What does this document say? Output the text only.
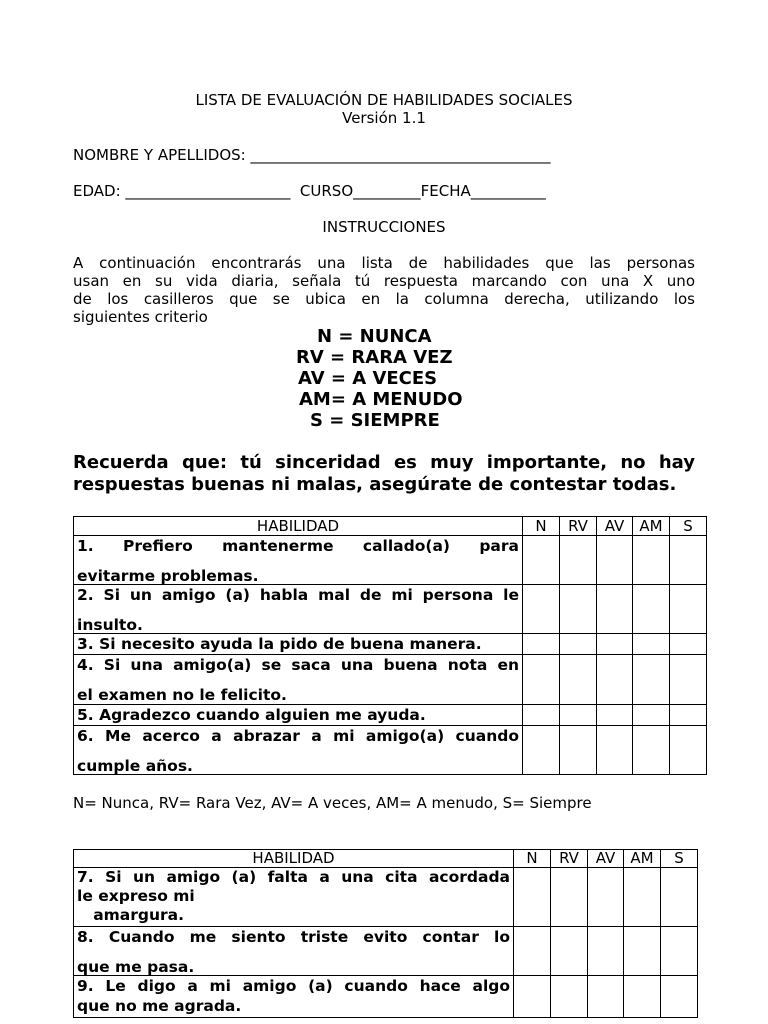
LISTA DE EVALUACIÓN DE HABILIDADES SOCIALES
Versión 1.1
NOMBRE Y APELLIDOS: ________________________________________
EDAD: ______________________  CURSO_________FECHA__________
INSTRUCCIONES
A continuación encontrarás una lista de habilidades que las personas
usan en su vida diaria, señala tú respuesta marcando con una X uno
de los casilleros que se ubica en la columna derecha, utilizando los
siguientes criterio
N = NUNCA
RV = RARA VEZ
AV = A VECES
AM= A MENUDO
S = SIEMPRE
Recuerda que: tú sinceridad es muy importante, no hay
respuestas buenas ni malas, asegúrate de contestar todas.
HABILIDAD	N	RV	AV	AM	S

1. Prefiero mantenerme callado(a) para
evitarme problemas.					

2. Si un amigo (a) habla mal de mi persona le
insulto.					

3. Si necesito ayuda la pido de buena manera.					

4. Si una amigo(a) se saca una buena nota en
el examen no le felicito.					

5. Agradezco cuando alguien me ayuda.					

6. Me acerco a abrazar a mi amigo(a) cuando
cumple años.					

N= Nunca, RV= Rara Vez, AV= A veces, AM= A menudo, S= Siempre
HABILIDAD	N	RV	AV	AM	S

7. Si un amigo (a) falta a una cita acordada
le expreso mi
amargura.					

8. Cuando me siento triste evito contar lo
que me pasa.					

9. Le digo a mi amigo (a) cuando hace algo
que no me agrada.					
